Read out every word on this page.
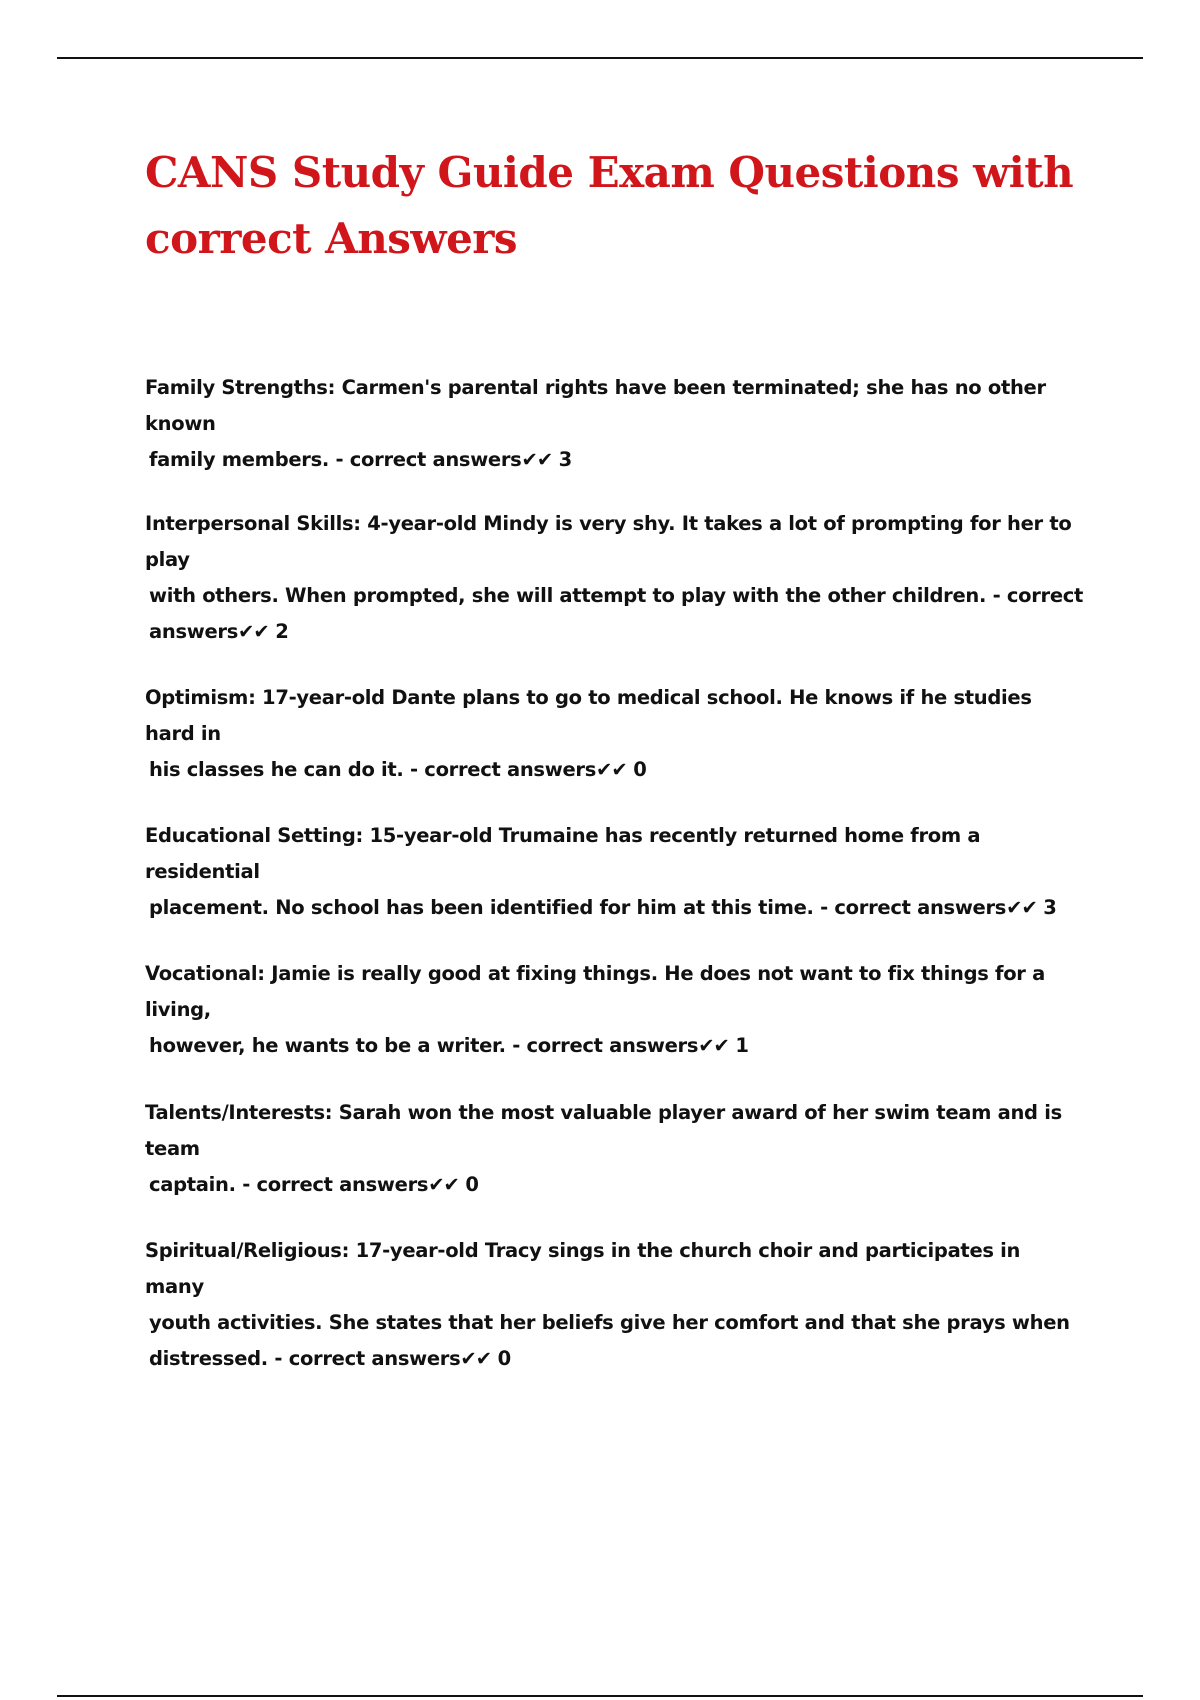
CANS Study Guide Exam Questions with
correct Answers

Family Strengths: Carmen's parental rights have been terminated; she has no other known
family members. - correct answers✔✔ 3

Interpersonal Skills: 4-year-old Mindy is very shy. It takes a lot of prompting for her to play
with others. When prompted, she will attempt to play with the other children. - correct
answers✔✔ 2

Optimism: 17-year-old Dante plans to go to medical school. He knows if he studies hard in
his classes he can do it. - correct answers✔✔ 0

Educational Setting: 15-year-old Trumaine has recently returned home from a residential
placement. No school has been identified for him at this time. - correct answers✔✔ 3

Vocational: Jamie is really good at fixing things. He does not want to fix things for a living,
however, he wants to be a writer. - correct answers✔✔ 1

Talents/Interests: Sarah won the most valuable player award of her swim team and is team
captain. - correct answers✔✔ 0

Spiritual/Religious: 17-year-old Tracy sings in the church choir and participates in many
youth activities. She states that her beliefs give her comfort and that she prays when
distressed. - correct answers✔✔ 0
